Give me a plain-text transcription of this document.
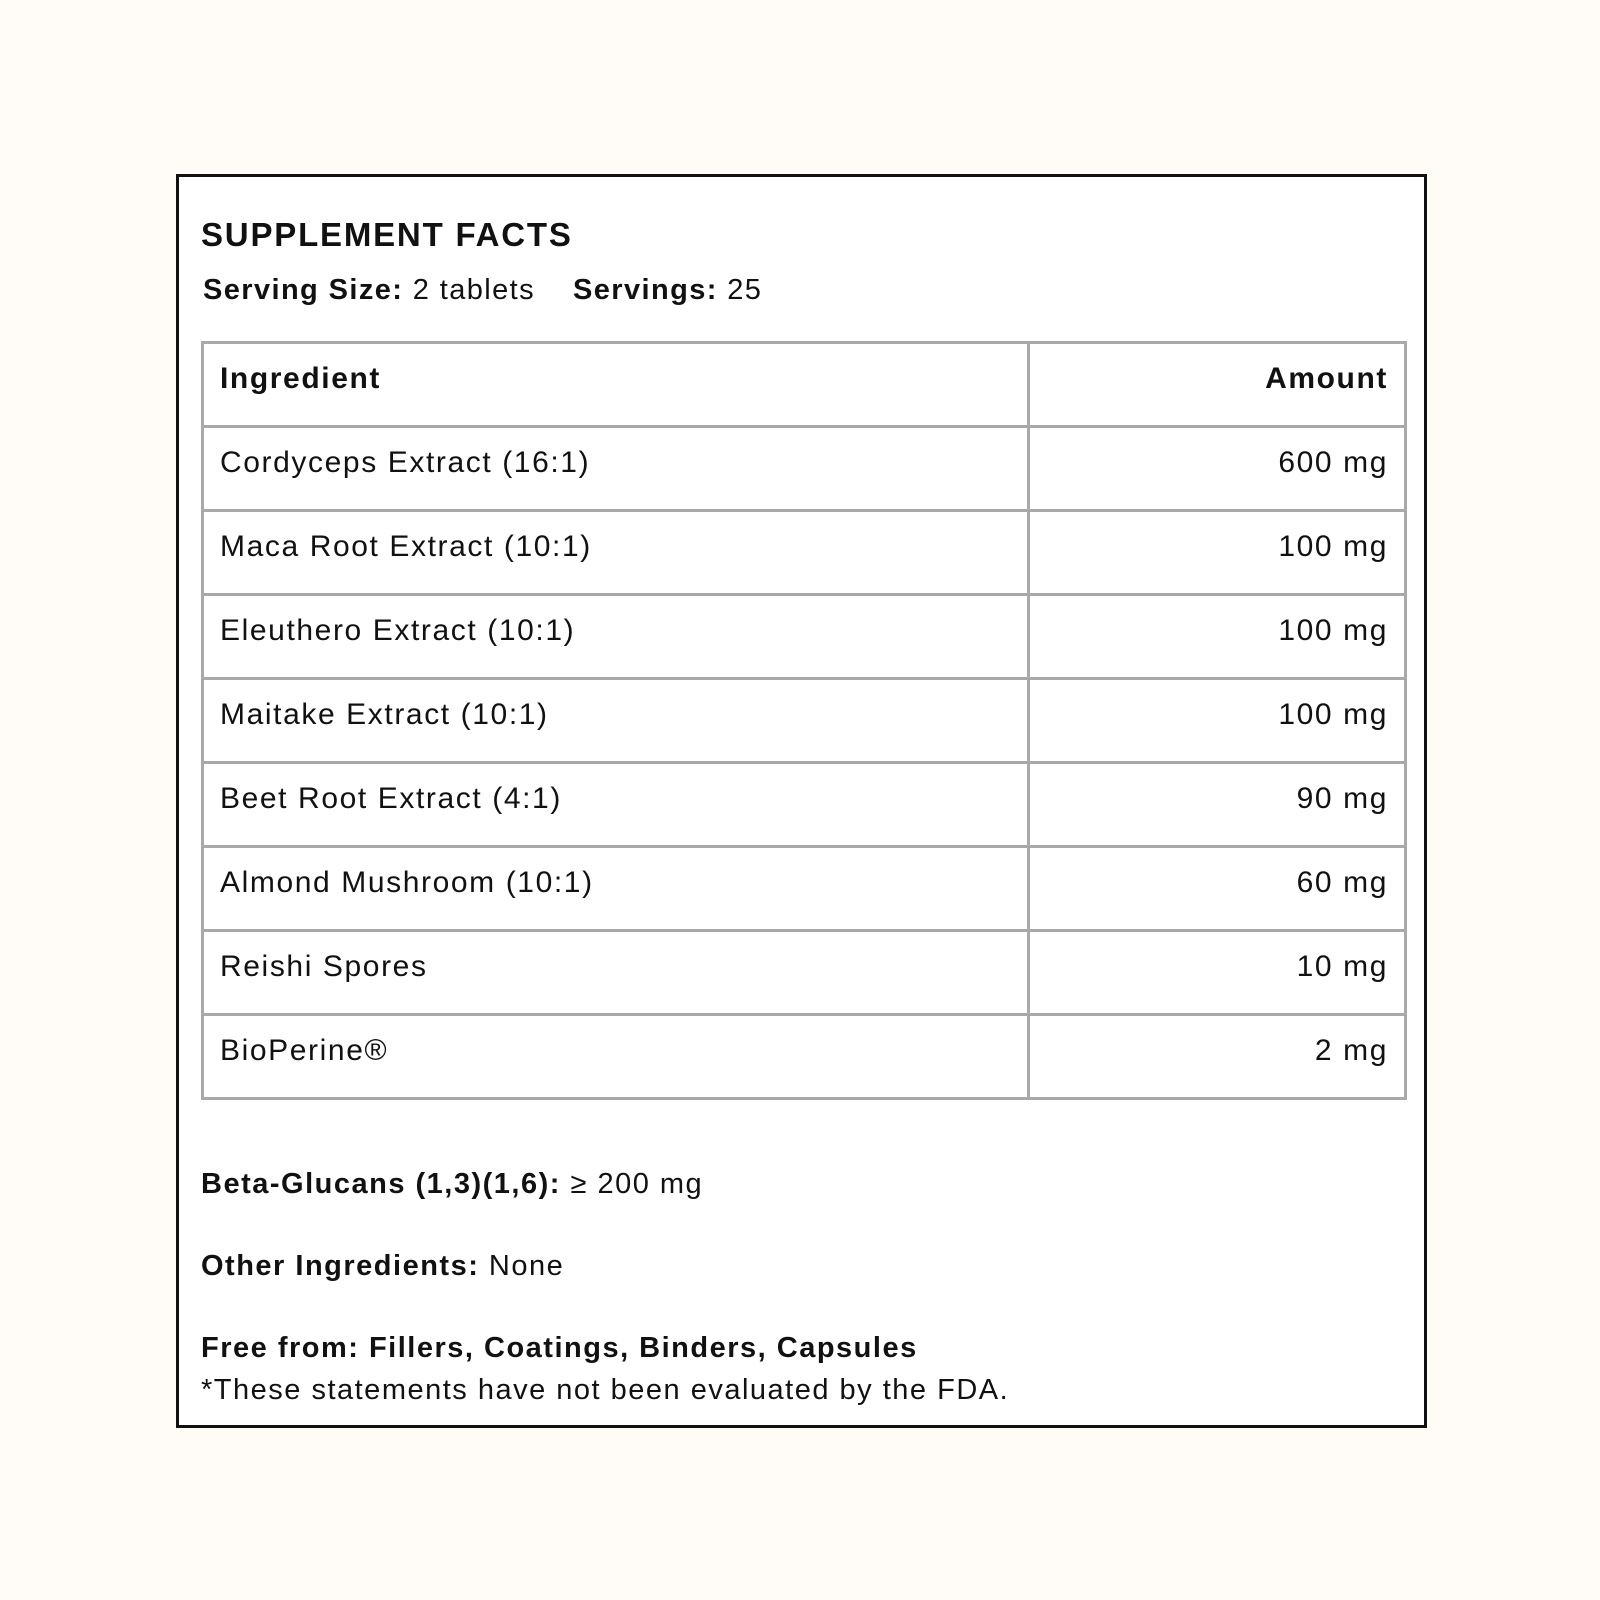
SUPPLEMENT FACTS
Serving Size: 2 tablets Servings: 25
Ingredient	Amount
Cordyceps Extract (16:1)	600 mg
Maca Root Extract (10:1)	100 mg
Eleuthero Extract (10:1)	100 mg
Maitake Extract (10:1)	100 mg
Beet Root Extract (4:1)	90 mg
Almond Mushroom (10:1)	60 mg
Reishi Spores	10 mg
BioPerine®	2 mg
Beta-Glucans (1,3)(1,6): ≥ 200 mg
Other Ingredients: None
Free from: Fillers, Coatings, Binders, Capsules
*These statements have not been evaluated by the FDA.
